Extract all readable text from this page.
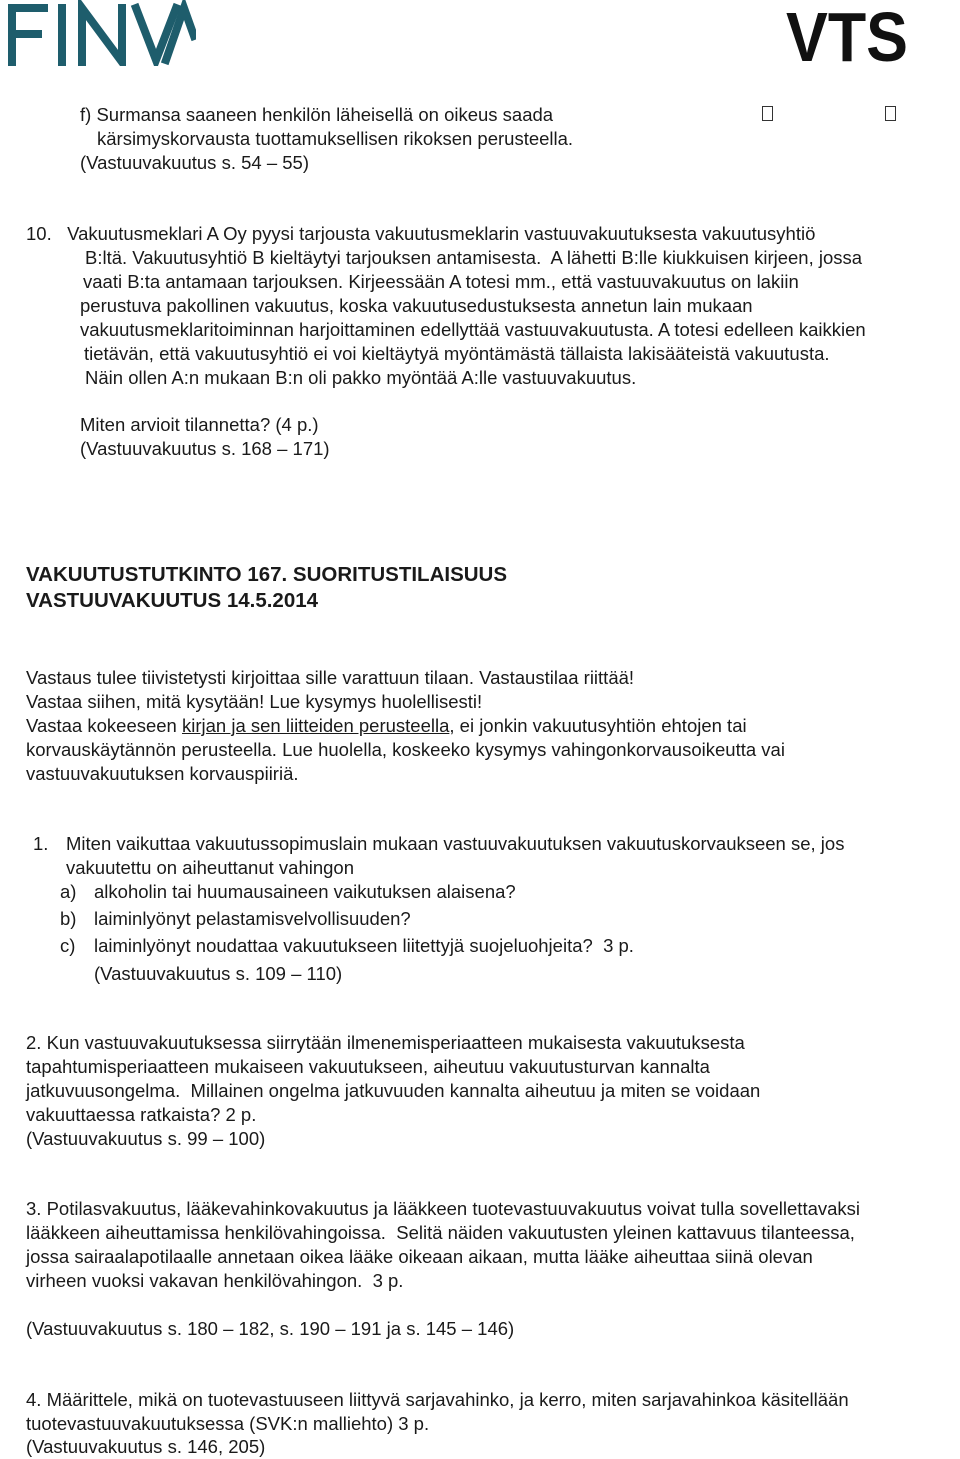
VTS
f) Surmansa saaneen henkilön läheisellä on oikeus saada
kärsimyskorvausta tuottamuksellisen rikoksen perusteella.
(Vastuuvakuutus s. 54 – 55)
10.   Vakuutusmeklari A Oy pyysi tarjousta vakuutusmeklarin vastuuvakuutuksesta vakuutusyhtiö
B:ltä. Vakuutusyhtiö B kieltäytyi tarjouksen antamisesta.  A lähetti B:lle kiukkuisen kirjeen, jossa
vaati B:ta antamaan tarjouksen. Kirjeessään A totesi mm., että vastuuvakuutus on lakiin
perustuva pakollinen vakuutus, koska vakuutusedustuksesta annetun lain mukaan
vakuutusmeklaritoiminnan harjoittaminen edellyttää vastuuvakuutusta. A totesi edelleen kaikkien
tietävän, että vakuutusyhtiö ei voi kieltäytyä myöntämästä tällaista lakisääteistä vakuutusta.
Näin ollen A:n mukaan B:n oli pakko myöntää A:lle vastuuvakuutus.
Miten arvioit tilannetta? (4 p.)
(Vastuuvakuutus s. 168 – 171)
VAKUUTUSTUTKINTO 167. SUORITUSTILAISUUS
VASTUUVAKUUTUS 14.5.2014
Vastaus tulee tiivistetysti kirjoittaa sille varattuun tilaan. Vastaustilaa riittää!
Vastaa siihen, mitä kysytään! Lue kysymys huolellisesti!
Vastaa kokeeseen kirjan ja sen liitteiden perusteella, ei jonkin vakuutusyhtiön ehtojen tai
korvauskäytännön perusteella. Lue huolella, koskeeko kysymys vahingonkorvausoikeutta vai
vastuuvakuutuksen korvauspiiriä.
1. Miten vaikuttaa vakuutussopimuslain mukaan vastuuvakuutuksen vakuutuskorvaukseen se, jos
vakuutettu on aiheuttanut vahingon
a) alkoholin tai huumausaineen vaikutuksen alaisena?
b) laiminlyönyt pelastamisvelvollisuuden?
c) laiminlyönyt noudattaa vakuutukseen liitettyjä suojeluohjeita?  3 p.
(Vastuuvakuutus s. 109 – 110)
2. Kun vastuuvakuutuksessa siirrytään ilmenemisperiaatteen mukaisesta vakuutuksesta
tapahtumisperiaatteen mukaiseen vakuutukseen, aiheutuu vakuutusturvan kannalta
jatkuvuusongelma.  Millainen ongelma jatkuvuuden kannalta aiheutuu ja miten se voidaan
vakuuttaessa ratkaista? 2 p.
(Vastuuvakuutus s. 99 – 100)
3. Potilasvakuutus, lääkevahinkovakuutus ja lääkkeen tuotevastuuvakuutus voivat tulla sovellettavaksi
lääkkeen aiheuttamissa henkilövahingoissa.  Selitä näiden vakuutusten yleinen kattavuus tilanteessa,
jossa sairaalapotilaalle annetaan oikea lääke oikeaan aikaan, mutta lääke aiheuttaa siinä olevan
virheen vuoksi vakavan henkilövahingon.  3 p.
(Vastuuvakuutus s. 180 – 182, s. 190 – 191 ja s. 145 – 146)
4. Määrittele, mikä on tuotevastuuseen liittyvä sarjavahinko, ja kerro, miten sarjavahinkoa käsitellään
tuotevastuuvakuutuksessa (SVK:n malliehto) 3 p.
(Vastuuvakuutus s. 146, 205)
